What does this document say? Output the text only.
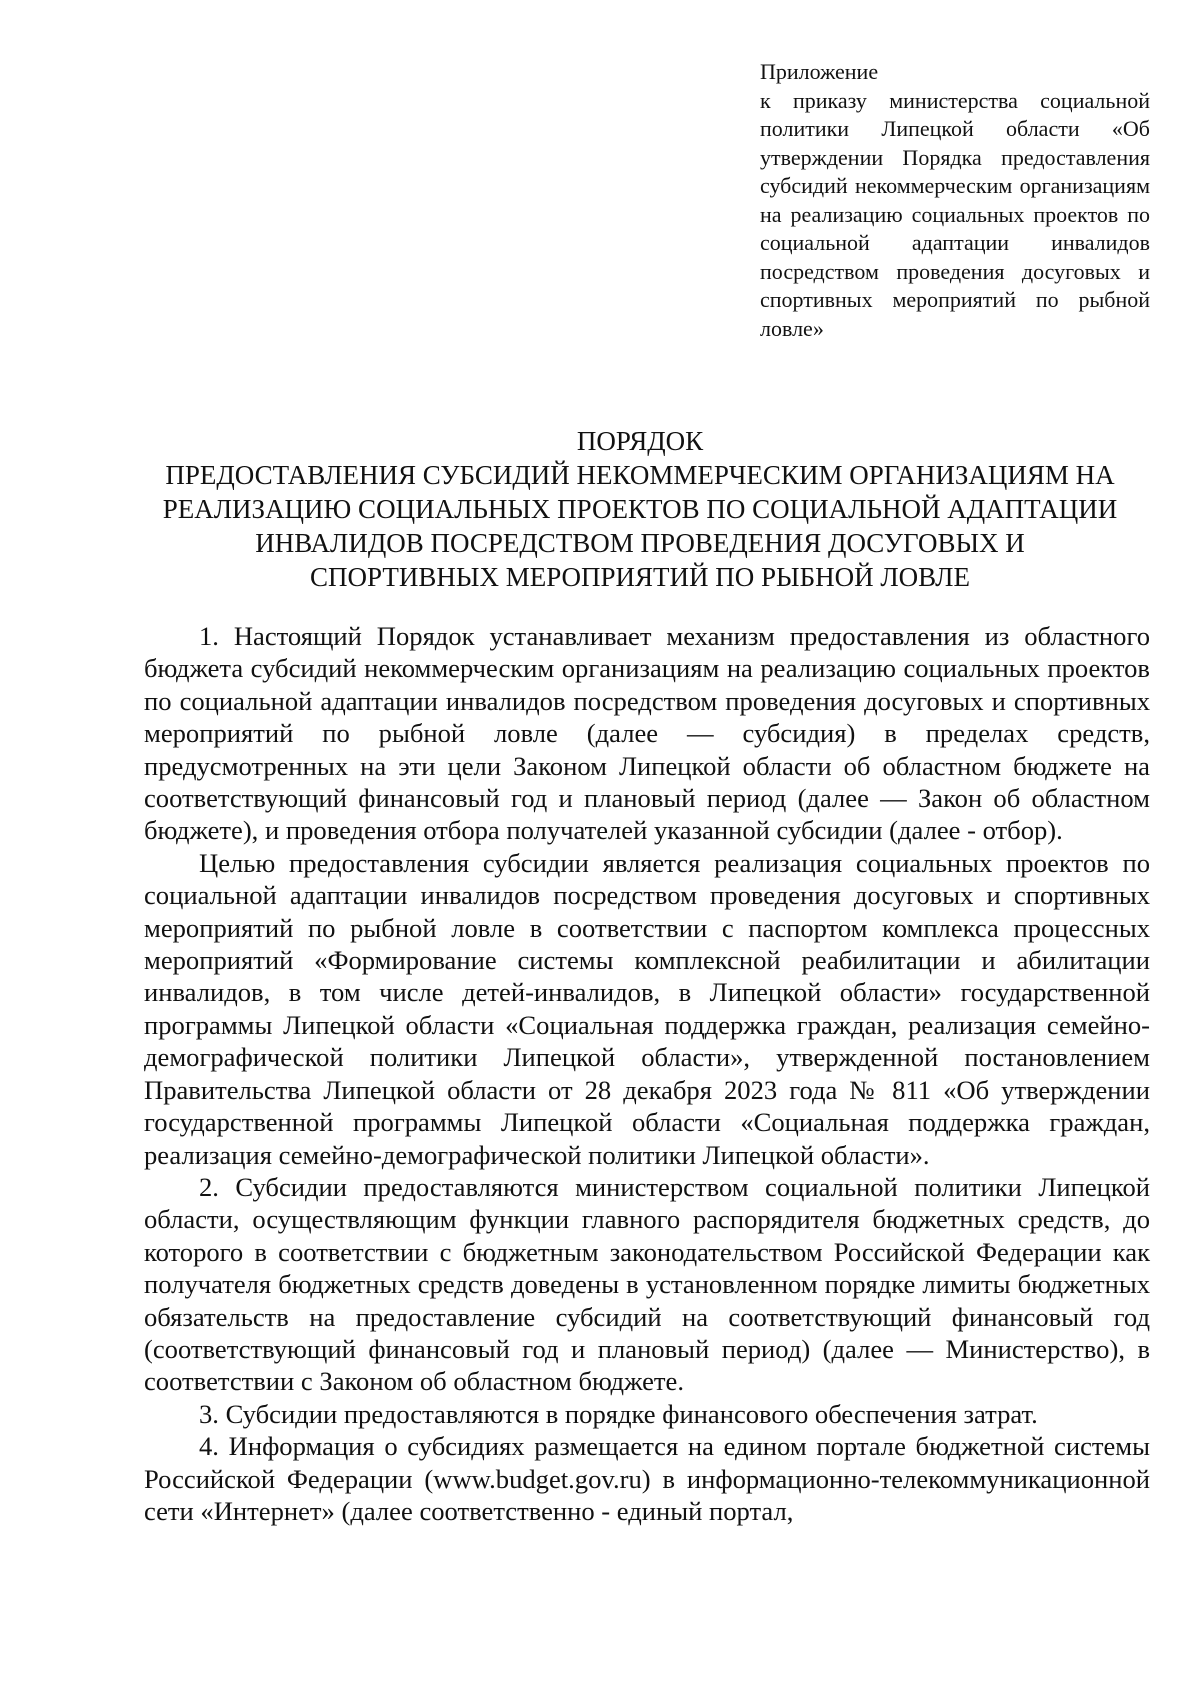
Приложение
к приказу министерства социальной политики Липецкой области «Об утверждении Порядка предоставления субсидий некоммерческим организациям на реализацию социальных проектов по социальной адаптации инвалидов посредством проведения досуговых и спортивных мероприятий по рыбной ловле»
ПОРЯДОК
ПРЕДОСТАВЛЕНИЯ СУБСИДИЙ НЕКОММЕРЧЕСКИМ ОРГАНИЗАЦИЯМ НА
РЕАЛИЗАЦИЮ СОЦИАЛЬНЫХ ПРОЕКТОВ ПО СОЦИАЛЬНОЙ АДАПТАЦИИ
ИНВАЛИДОВ ПОСРЕДСТВОМ ПРОВЕДЕНИЯ ДОСУГОВЫХ И
СПОРТИВНЫХ МЕРОПРИЯТИЙ ПО РЫБНОЙ ЛОВЛЕ

1. Настоящий Порядок устанавливает механизм предоставления из областного бюджета субсидий некоммерческим организациям на реализацию социальных проектов по социальной адаптации инвалидов посредством проведения досуговых и спортивных мероприятий по рыбной ловле (далее — субсидия) в пределах средств, предусмотренных на эти цели Законом Липецкой области об областном бюджете на соответствующий финансовый год и плановый период (далее — Закон об областном бюджете), и проведения отбора получателей указанной субсидии (далее - отбор).

Целью предоставления субсидии является реализация социальных проектов по социальной адаптации инвалидов посредством проведения досуговых и спортивных мероприятий по рыбной ловле в соответствии с паспортом комплекса процессных мероприятий «Формирование системы комплексной реабилитации и абилитации инвалидов, в том числе детей-инвалидов, в Липецкой области» государственной программы Липецкой области «Социальная поддержка граждан, реализация семейно-демографической политики Липецкой области», утвержденной постановлением Правительства Липецкой области от 28 декабря 2023 года № 811 «Об утверждении государственной программы Липецкой области «Социальная поддержка граждан, реализация семейно-демографической политики Липецкой области».

2. Субсидии предоставляются министерством социальной политики Липецкой области, осуществляющим функции главного распорядителя бюджетных средств, до которого в соответствии с бюджетным законодательством Российской Федерации как получателя бюджетных средств доведены в установленном порядке лимиты бюджетных обязательств на предоставление субсидий на соответствующий финансовый год (соответствующий финансовый год и плановый период) (далее — Министерство), в соответствии с Законом об областном бюджете.

3. Субсидии предоставляются в порядке финансового обеспечения затрат.

4. Информация о субсидиях размещается на едином портале бюджетной системы Российской Федерации (www.budget.gov.ru) в информационно-телекоммуникационной сети «Интернет» (далее соответственно - единый портал,
